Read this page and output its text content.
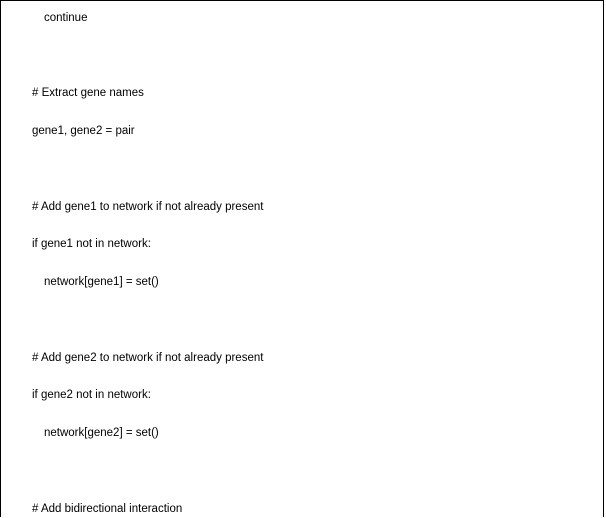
continue
# Extract gene names
gene1, gene2 = pair
# Add gene1 to network if not already present
if gene1 not in network:
network[gene1] = set()
# Add gene2 to network if not already present
if gene2 not in network:
network[gene2] = set()
# Add bidirectional interaction
